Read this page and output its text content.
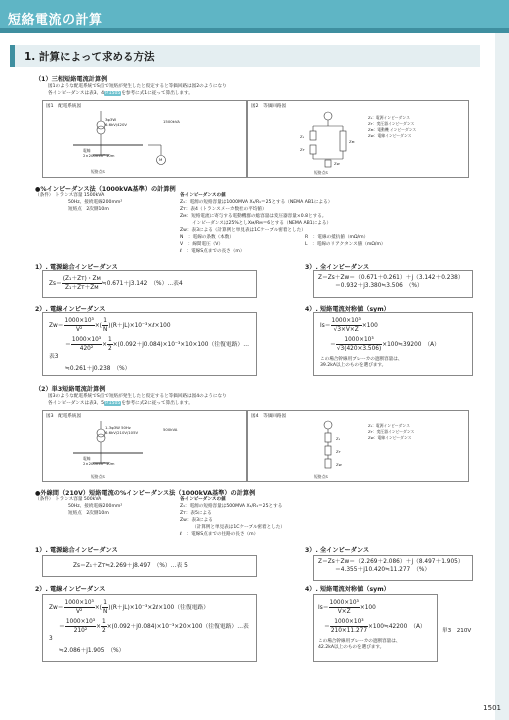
短絡電流の計算
1. 計算によって求める方法
（1）三相短絡電流計算例
図1のような配電系統でS点で短絡が発生したと仮定すると等価回路は図2のようになり
各インピーダンスは表3、4P.1505を参考に式1に従って算出します。
図1　配電系統図
3φ3W
6.6kV/420V
1500kVA
電線
2×200mm² 10m
短絡点S
M
図2　等価回路図
Z₁
Zт
Zм
Zᴡ
短絡点S
Z₁：電源インピーダンス
Zт：変圧器インピーダンス
Zм：電動機 インピーダンス
Zᴡ：電線インピーダンス
●%インピーダンス法（1000kVA基準）の計算例
（条件） トランス容量 1500kVA
50Hz、接続電線200mm²
短絡点　2次側10m
各インピーダンスの値
Z₁：電源の短絡容量は1000MVA X₁/R₁＝25とする（NEMA AB1による）
Zт：表4（トランスメーカ数社の平均値）
Zм：短絡電流に寄与する電動機群の総容量は変圧器容量×0.8とする。
インピーダンスは25%としXм/Rм＝6とする（NEMA AB1による）
Zᴡ：表3による（計算例と単見表は1Cケーブル密着とした）
N　：電線の条数（本数）	R　：電線の抵抗値（mΩ/m）
V　：線間電圧（V）	L　：電線のリアクタンス値（mΩ/m）
ℓ　：電線S点までの長さ（m）
1）. 電源総合インピーダンス
$Zs= \frac{\text{(Z₁＋Zт)・Zм}}{\text{Z₁＋Zт＋Zм}}$ ≒0.671＋j3.142　（%）…表4
2）. 電線インピーダンス
Zᴡ＝ $\frac{\text{1000×10³}}{\text{V²}}$ ×( $\frac{1}{N}$ )(R＋jL)×10⁻³×ℓ×100
＝ $\frac{\text{1000×10³}}{\text{420²}} \times \frac{1}{2} \times(0.092+j0.084)\times 10^{-3}\times 10\times 100$（往復電路）…表3
≒0.261＋j0.238　（%）
3）. 全インピーダンス
Z＝Zs＋Zᴡ＝（0.671＋0.261）＋j（3.142＋0.238）
＝0.932＋j3.380≒3.506　（%）
4）. 短絡電流対称値（sym）
$Is= \frac{\text{1000×10³}}{√3\times V\times Z} \times 100$
＝ $\frac{\text{1000×10³}}{√3(420\times 3.506)}$ ×100≒39200　（A）
この場合幹線用ブレーカの遮断容量は、
39.2kA以上のものを選びます。
（2）単3短絡電流計算例
図3のような配電系統でS点で短絡が発生したと仮定すると等価回路は図4のようになり
各インピーダンスは表3、5P.1505を参考に式2に従って算出します。
図3　配電系統図
1-3φ3W 50Hz
6.6kV/210V/105V
500kVA
電線
2×200mm² 10m
短絡点S
図4　等価回路図
Z₁
Zт
Zᴡ
短絡点S
Z₁：電源インピーダンス
Zт：変圧器インピーダンス
Zᴡ：電線インピーダンス
●外線間（210V）短絡電流の%インピーダンス法（1000kVA基準）の計算例
（条件） トランス容量 500kVA
50Hz、接続電線200mm²
短絡点　2次側10m
各インピーダンスの値
Z₁：電源の短絡容量は500MVA X₁/R₁＝25とする
Zт：表5による
Zᴡ：表3による
（計算例と単見表は1Cケーブル密着とした）
ℓ　：電線S点までの往路の長さ（m）
1）. 電源総合インピーダンス
Zs＝Z₁＋Zт≒2.269＋j8.497　（%）…表 5
2）. 電線インピーダンス
Zᴡ＝ $\frac{\text{1000×10³}}{\text{V²}}$ ×( $\frac{1}{N}$ )(R＋jL)×10⁻³×2ℓ×100（往復電路）
＝ $\frac{\text{1000×10³}}{\text{210²}} \times \frac{1}{2} \times(0.092+j0.084)\times 10^{-3}\times 20\times 100$（往復電路）…表3
≒2.086＋j1.905　（%）
3）. 全インピーダンス
Z＝Zs＋Zᴡ＝（2.269＋2.086）＋j（8.497＋1.905）
＝4.355＋j10.420≒11.277　（%）
4）. 短絡電流対称値（sym）
$Is= \frac{\text{1000×10³}}{V\times Z} \times 100$
＝ $\frac{\text{1000×10³}}{210\times 11.277}$ ×100≒42200　（A）
この場合幹線用ブレーカの遮断容量は、
42.2kA以上のものを選びます。
単3　210V
1501
